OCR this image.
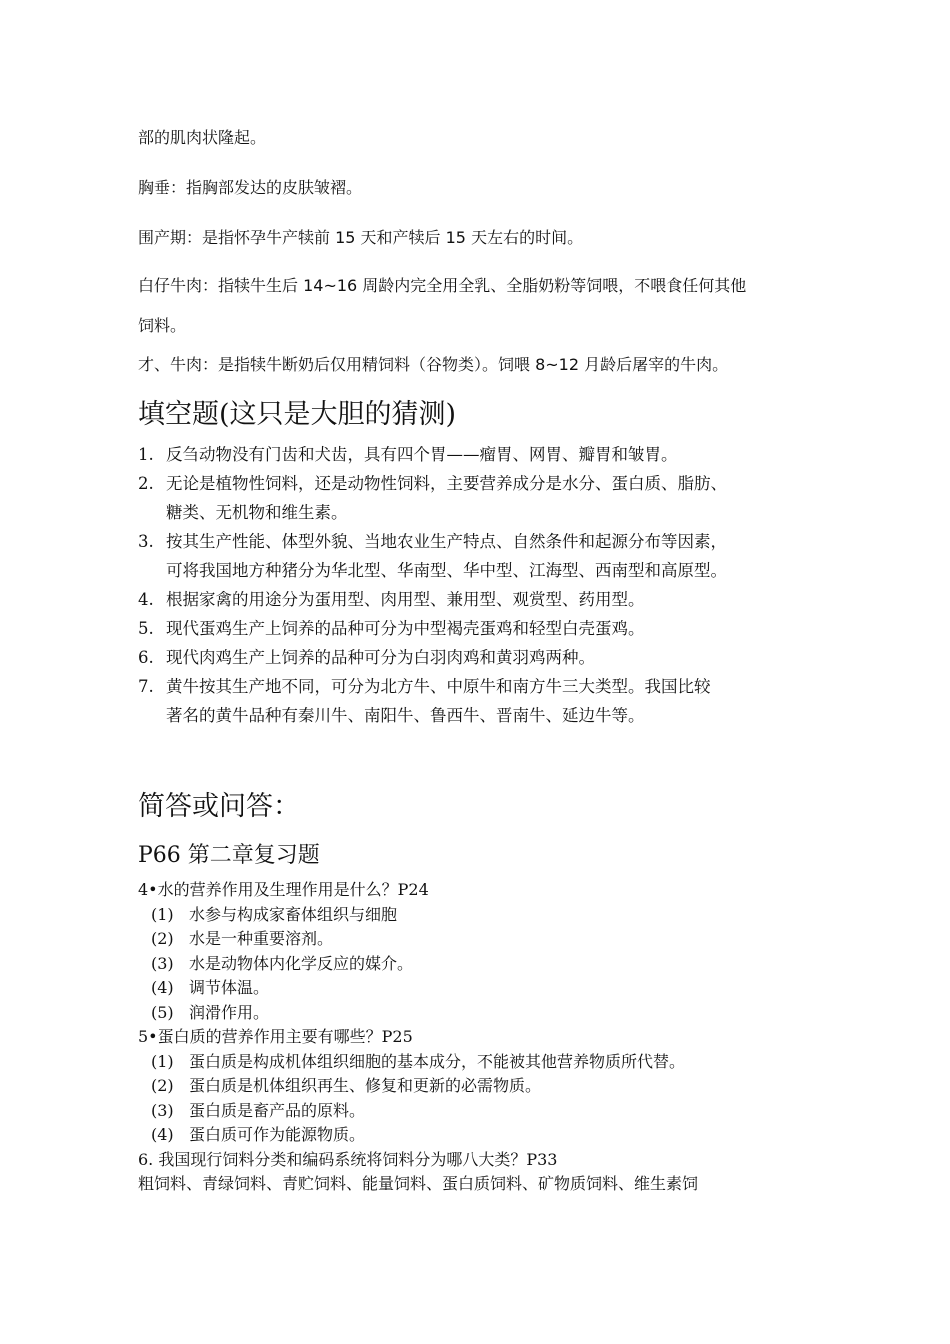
部的肌肉状隆起。
胸垂：指胸部发达的皮肤皱褶。
围产期：是指怀孕牛产犊前 15 天和产犊后 15 天左右的时间。
白仔牛肉：指犊牛生后 14~16 周龄内完全用全乳、全脂奶粉等饲喂，不喂食任何其他
饲料。
才、牛肉：是指犊牛断奶后仅用精饲料（谷物类）。饲喂 8~12 月龄后屠宰的牛肉。
填空题(这只是大胆的猜测)
1. 反刍动物没有门齿和犬齿，具有四个胃——瘤胃、网胃、瓣胃和皱胃。
2. 无论是植物性饲料，还是动物性饲料，主要营养成分是水分、蛋白质、脂肪、
糖类、无机物和维生素。
3. 按其生产性能、体型外貌、当地农业生产特点、自然条件和起源分布等因素，
可将我国地方种猪分为华北型、华南型、华中型、江海型、西南型和高原型。
4. 根据家禽的用途分为蛋用型、肉用型、兼用型、观赏型、药用型。
5. 现代蛋鸡生产上饲养的品种可分为中型褐壳蛋鸡和轻型白壳蛋鸡。
6. 现代肉鸡生产上饲养的品种可分为白羽肉鸡和黄羽鸡两种。
7. 黄牛按其生产地不同，可分为北方牛、中原牛和南方牛三大类型。我国比较
著名的黄牛品种有秦川牛、南阳牛、鲁西牛、晋南牛、延边牛等。
简答或问答：
P66 第二章复习题
4•水的营养作用及生理作用是什么？P24
(1) 水参与构成家畜体组织与细胞
(2) 水是一种重要溶剂。
(3) 水是动物体内化学反应的媒介。
(4) 调节体温。
(5) 润滑作用。
5•蛋白质的营养作用主要有哪些？P25
(1) 蛋白质是构成机体组织细胞的基本成分，不能被其他营养物质所代替。
(2) 蛋白质是机体组织再生、修复和更新的必需物质。
(3) 蛋白质是畜产品的原料。
(4) 蛋白质可作为能源物质。
6. 我国现行饲料分类和编码系统将饲料分为哪八大类？P33
粗饲料、青绿饲料、青贮饲料、能量饲料、蛋白质饲料、矿物质饲料、维生素饲
